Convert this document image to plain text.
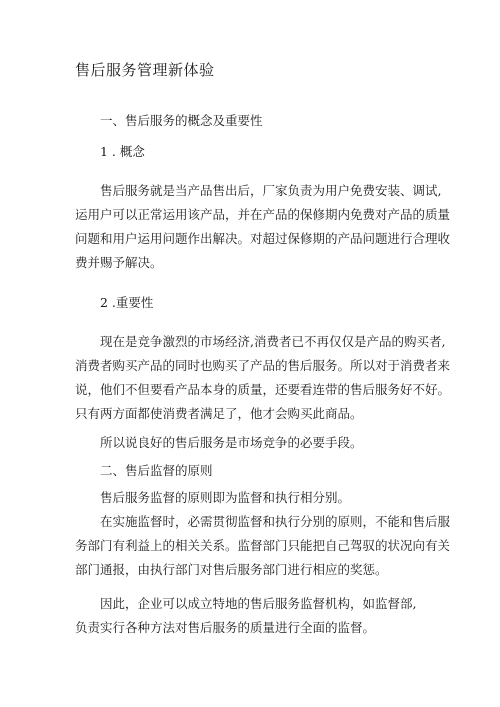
售后服务管理新体验
一、售后服务的概念及重要性
1 . 概念
售后服务就是当产品售出后，厂家负责为用户免费安装、调试,
运用户可以正常运用该产品，并在产品的保修期内免费对产品的质量
问题和用户运用问题作出解决。对超过保修期的产品问题进行合理收
费并赐予解决。
2 .重要性
现在是竞争激烈的市场经济,消费者已不再仅仅是产品的购买者,
消费者购买产品的同时也购买了产品的售后服务。所以对于消费者来
说，他们不但要看产品本身的质量，还要看连带的售后服务好不好。
只有两方面都使消费者满足了，他才会购买此商品。
所以说良好的售后服务是市场竞争的必要手段。
二、售后监督的原则
售后服务监督的原则即为监督和执行相分别。
在实施监督时，必需贯彻监督和执行分别的原则，不能和售后服
务部门有利益上的相关关系。监督部门只能把自己驾驭的状况向有关
部门通报，由执行部门对售后服务部门进行相应的奖惩。
因此，企业可以成立特地的售后服务监督机构，如监督部,
负责实行各种方法对售后服务的质量进行全面的监督。
